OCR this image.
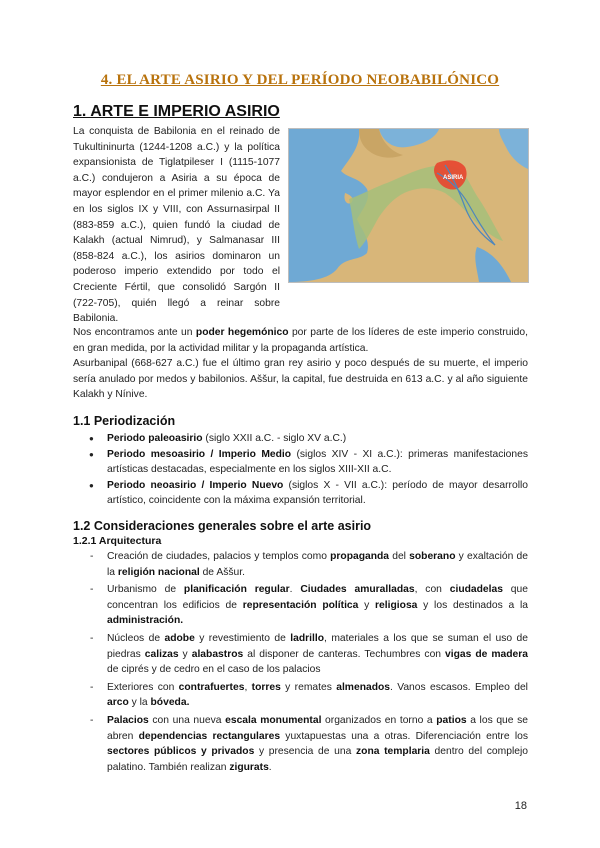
4. EL ARTE ASIRIO Y DEL PERÍODO NEOBABILÓNICO
1. ARTE E IMPERIO ASIRIO
La conquista de Babilonia en el reinado de Tukultininurta (1244-1208 a.C.) y la política expansionista de Tiglatpileser I (1115-1077 a.C.) condujeron a Asiria a su época de mayor esplendor en el primer milenio a.C. Ya en los siglos IX y VIII, con Assurnasirpal II (883-859 a.C.), quien fundó la ciudad de Kalakh (actual Nimrud), y Salmanasar III (858-824 a.C.), los asirios dominaron un poderoso imperio extendido por todo el Creciente Fértil, que consolidó Sargón II (722-705), quién llegó a reinar sobre Babilonia.
ASIRIA
Nos encontramos ante un poder hegemónico por parte de los líderes de este imperio construido, en gran medida, por la actividad militar y la propaganda artística.
Asurbanipal (668-627 a.C.) fue el último gran rey asirio y poco después de su muerte, el imperio sería anulado por medos y babilonios. Aššur, la capital, fue destruida en 613 a.C. y al año siguiente Kalakh y Nínive.
1.1 Periodización
● Periodo paleoasirio (siglo XXII a.C. - siglo XV a.C.)
● Periodo mesoasirio / Imperio Medio (siglos XIV - XI a.C.): primeras manifestaciones artísticas destacadas, especialmente en los siglos XIII-XII a.C.
● Periodo neoasirio / Imperio Nuevo (siglos X - VII a.C.): período de mayor desarrollo artístico, coincidente con la máxima expansión territorial.
1.2 Consideraciones generales sobre el arte asirio
1.2.1 Arquitectura
- Creación de ciudades, palacios y templos como propaganda del soberano y exaltación de la religión nacional de Aššur.
- Urbanismo de planificación regular. Ciudades amuralladas, con ciudadelas que concentran los edificios de representación política y religiosa y los destinados a la administración.
- Núcleos de adobe y revestimiento de ladrillo, materiales a los que se suman el uso de piedras calizas y alabastros al disponer de canteras. Techumbres con vigas de madera de ciprés y de cedro en el caso de los palacios
- Exteriores con contrafuertes, torres y remates almenados. Vanos escasos. Empleo del arco y la bóveda.
- Palacios con una nueva escala monumental organizados en torno a patios a los que se abren dependencias rectangulares yuxtapuestas una a otras. Diferenciación entre los sectores públicos y privados y presencia de una zona templaria dentro del complejo palatino. También realizan zigurats.
18
